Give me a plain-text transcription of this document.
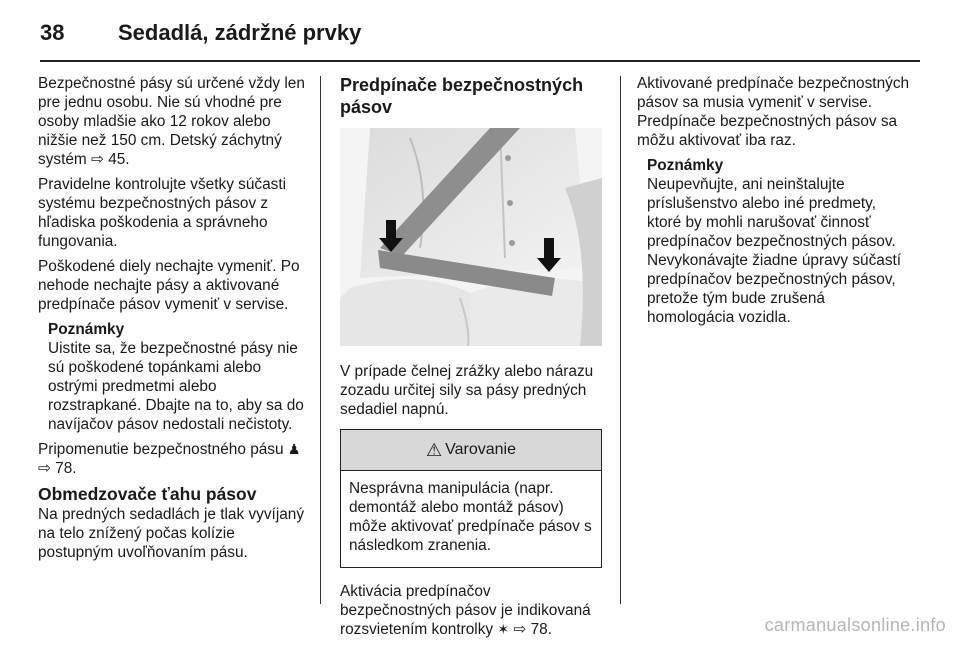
38 Sedadlá, zádržné prvky

Bezpečnostné pásy sú určené vždy len pre jednu osobu. Nie sú vhodné pre osoby mladšie ako 12 rokov alebo nižšie než 150 cm. Detský záchytný systém ⇨ 45.

Pravidelne kontrolujte všetky súčasti systému bezpečnostných pásov z hľadiska poškodenia a správneho fungovania.

Poškodené diely nechajte vymeniť. Po nehode nechajte pásy a aktivované predpínače pásov vymeniť v servise.

Poznámky

Uistite sa, že bezpečnostné pásy nie sú poškodené topánkami alebo ostrými predmetmi alebo rozstrapkané. Dbajte na to, aby sa do navíjačov pásov nedostali nečistoty.

Pripomenutie bezpečnostného pásu ♟ ⇨ 78.

Obmedzovače ťahu pásov

Na predných sedadlách je tlak vyvíjaný na telo znížený počas kolízie postupným uvoľňovaním pásu.

Predpínače bezpečnostných pásov

V prípade čelnej zrážky alebo nárazu zozadu určitej sily sa pásy predných sedadiel napnú.

⚠ Varovanie

Nesprávna manipulácia (napr. demontáž alebo montáž pásov) môže aktivovať predpínače pásov s následkom zranenia.

Aktivácia predpínačov bezpečnostných pásov je indikovaná rozsvietením kontrolky ✶ ⇨ 78.

Aktivované predpínače bezpečnostných pásov sa musia vymeniť v servise. Predpínače bezpečnostných pásov sa môžu aktivovať iba raz.

Poznámky

Neupevňujte, ani neinštalujte príslušenstvo alebo iné predmety, ktoré by mohli narušovať činnosť predpínačov bezpečnostných pásov. Nevykonávajte žiadne úpravy súčastí predpínačov bezpečnostných pásov, pretože tým bude zrušená homologácia vozidla.

carmanualsonline.info
